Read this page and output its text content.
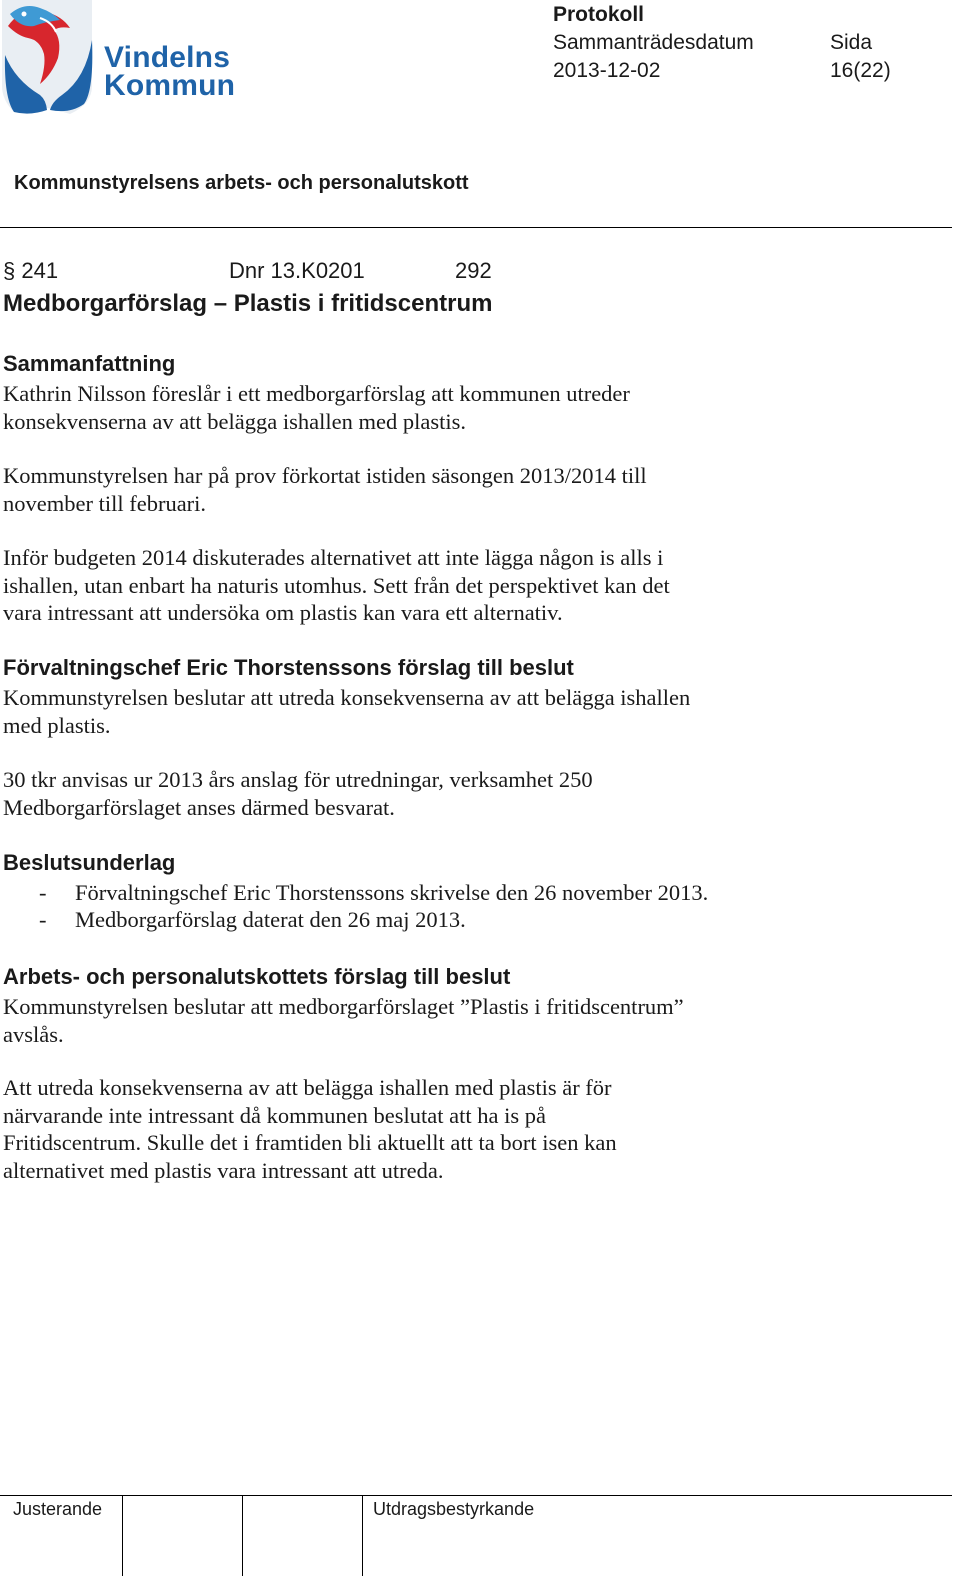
Vindelns
Kommun
Protokoll
Sammanträdesdatum
2013-12-02
Sida
16(22)
Kommunstyrelsens arbets- och personalutskott
§ 241	Dnr 13.K0201	292
Medborgarförslag – Plastis i fritidscentrum
Sammanfattning
Kathrin Nilsson föreslår i ett medborgarförslag att kommunen utreder
konsekvenserna av att belägga ishallen med plastis.
Kommunstyrelsen har på prov förkortat istiden säsongen 2013/2014 till
november till februari.
Inför budgeten 2014 diskuterades alternativet att inte lägga någon is alls i
ishallen, utan enbart ha naturis utomhus. Sett från det perspektivet kan det
vara intressant att undersöka om plastis kan vara ett alternativ.
Förvaltningschef Eric Thorstenssons förslag till beslut
Kommunstyrelsen beslutar att utreda konsekvenserna av att belägga ishallen
med plastis.
30 tkr anvisas ur 2013 års anslag för utredningar, verksamhet 250
Medborgarförslaget anses därmed besvarat.
Beslutsunderlag
- Förvaltningschef Eric Thorstenssons skrivelse den 26 november 2013.
- Medborgarförslag daterat den 26 maj 2013.
Arbets- och personalutskottets förslag till beslut
Kommunstyrelsen beslutar att medborgarförslaget ”Plastis i fritidscentrum”
avslås.
Att utreda konsekvenserna av att belägga ishallen med plastis är för
närvarande inte intressant då kommunen beslutat att ha is på
Fritidscentrum. Skulle det i framtiden bli aktuellt att ta bort isen kan
alternativet med plastis vara intressant att utreda.
Justerande	Utdragsbestyrkande
